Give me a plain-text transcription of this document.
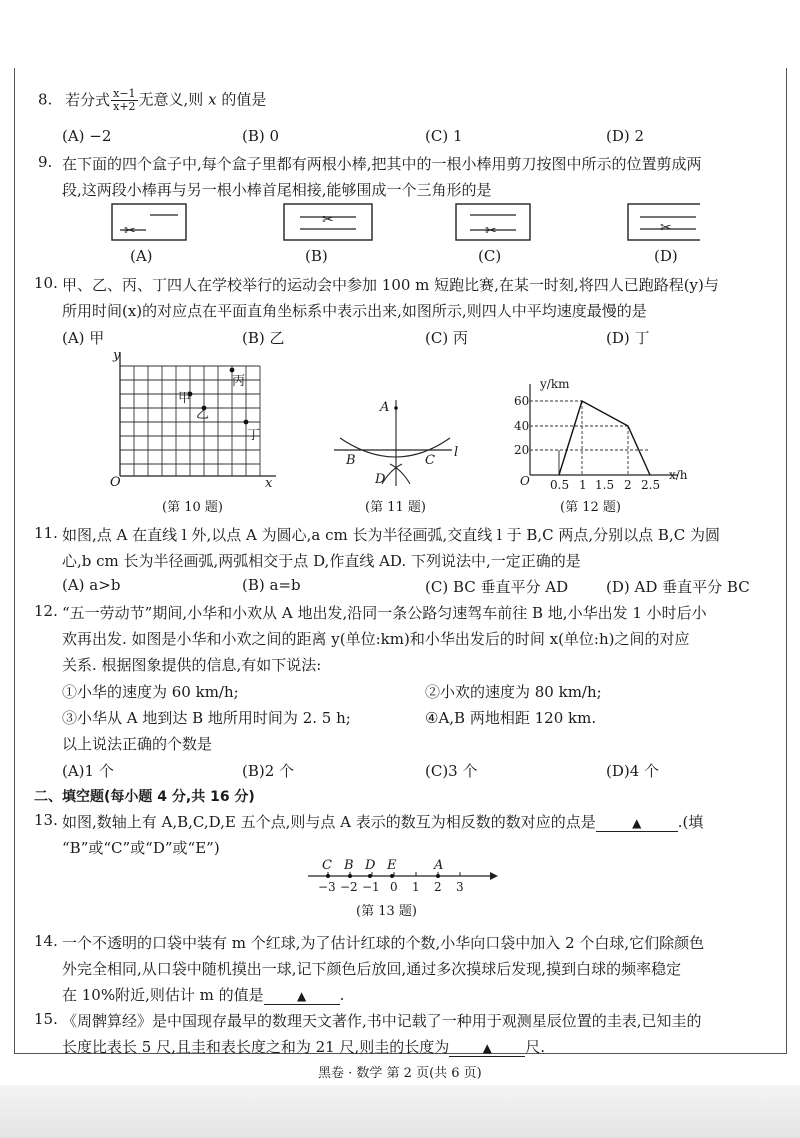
8. 若分式 $\frac{x-1}{x+2}$ 无意义,则 x 的值是
(A) −2	(B) 0	(C) 1	(D) 2
9. 在下面的四个盒子中,每个盒子里都有两根小棒,把其中的一根小棒用剪刀按图中所示的位置剪成两
段,这两段小棒再与另一根小棒首尾相接,能够围成一个三角形的是
✂
✂
✂	✂
(A)	(B)	(C)	(D)
10. 甲、乙、丙、丁四人在学校举行的运动会中参加 100 m 短跑比赛,在某一时刻,将四人已跑路程(y)与
所用时间(x)的对应点在平面直角坐标系中表示出来,如图所示,则四人中平均速度最慢的是
(A) 甲	(B) 乙	(C) 丙	(D) 丁
y
x
O
甲
乙
丙
丁
(第 10 题)
A
B	C
D
l
(第 11 题)
y/km
x/h
O
60
40
20
0.5 1 1.5 2 2.5
(第 12 题)
11. 如图,点 A 在直线 l 外,以点 A 为圆心,a cm 长为半径画弧,交直线 l 于 B,C 两点,分别以点 B,C 为圆
心,b cm 长为半径画弧,两弧相交于点 D,作直线 AD. 下列说法中,一定正确的是
(A) a>b	(B) a=b	(C) BC 垂直平分 AD	(D) AD 垂直平分 BC
12. “五一劳动节”期间,小华和小欢从 A 地出发,沿同一条公路匀速驾车前往 B 地,小华出发 1 小时后小
欢再出发. 如图是小华和小欢之间的距离 y(单位:km)和小华出发后的时间 x(单位:h)之间的对应
关系. 根据图象提供的信息,有如下说法:
①小华的速度为 60 km/h;	②小欢的速度为 80 km/h;
③小华从 A 地到达 B 地所用时间为 2. 5 h;	④A,B 两地相距 120 km.
以上说法正确的个数是
(A)1 个	(B)2 个	(C)3 个	(D)4 个
二、填空题(每小题 4 分,共 16 分)
13. 如图,数轴上有 A,B,C,D,E 五个点,则与点 A 表示的数互为相反数的数对应的点是	▲ .(填
“B”或“C”或“D”或“E”)
C B D E	A
−3 −2 −1 0 1 2 3
(第 13 题)
14. 一个不透明的口袋中装有 m 个红球,为了估计红球的个数,小华向口袋中加入 2 个白球,它们除颜色
外完全相同,从口袋中随机摸出一球,记下颜色后放回,通过多次摸球后发现,摸到白球的频率稳定
在 10%附近,则估计 m 的值是	▲ .
15. 《周髀算经》是中国现存最早的数理天文著作,书中记载了一种用于观测星辰位置的圭表,已知圭的
长度比表长 5 尺,且圭和表长度之和为 21 尺,则圭的长度为	▲ 尺.
黑卷 · 数学 第 2 页(共 6 页)
